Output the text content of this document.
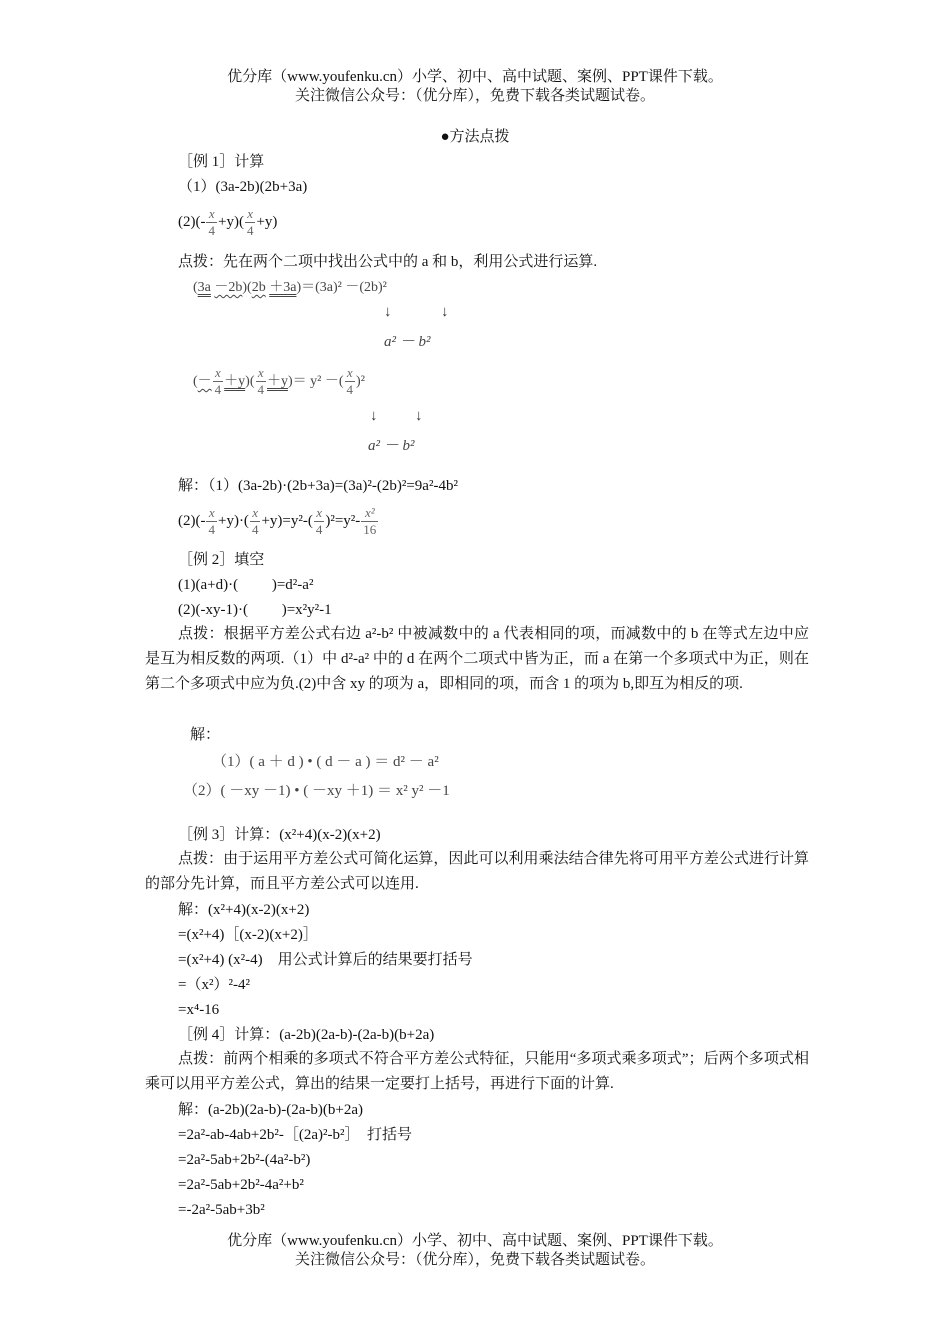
优分库（www.youfenku.cn）小学、初中、高中试题、案例、PPT课件下载。
关注微信公众号：（优分库），免费下载各类试题试卷。
●方法点拨
［例 1］计算
（1）(3a-2b)(2b+3a)
$(2)(- \frac{x}{4} +y)( \frac{x}{4} +y)$
点拨：先在两个二项中找出公式中的 a 和 b，利用公式进行运算.
(3a －2b)(2b ＋3a)＝(3a)² －(2b)²
↓	↓
a² － b²
(－ $\frac{x}{4} +y)( \frac{x}{4} +y)= y^2$ －( $\frac{x}{4} )^2$
↓	↓
a² － b²
解：（1）(3a-2b)·(2b+3a)=(3a)²-(2b)²=9a²-4b²
$(2)(- \frac{x}{4} +y)\cdot( \frac{x}{4} +y)=y^2-( \frac{x}{4} )^2=y^2- \frac{\text{x²}}{16}$
［例 2］填空
(1)(a+d)·(　　 )=d²-a²
(2)(-xy-1)·(　　 )=x²y²-1
点拨：根据平方差公式右边 a²-b² 中被减数中的 a 代表相同的项，而减数中的 b 在等式左边中应是互为相反数的两项.（1）中 d²-a² 中的 d 在两个二项式中皆为正，而 a 在第一个多项式中为正，则在第二个多项式中应为负.(2)中含 xy 的项为 a，即相同的项，而含 1 的项为 b,即互为相反的项.
解：
（1）( a ＋ d ) • ( d － a ) ＝ d² － a²
（2）( －xy －1) • ( －xy ＋1) ＝ x² y² －1
［例 3］计算：(x²+4)(x-2)(x+2)
点拨：由于运用平方差公式可简化运算，因此可以利用乘法结合律先将可用平方差公式进行计算的部分先计算，而且平方差公式可以连用.
解：(x²+4)(x-2)(x+2)
=(x²+4)［(x-2)(x+2)］
=(x²+4) (x²-4)　 用公式计算后的结果要打括号
=（x²）²-4²
=x⁴-16
［例 4］计算：(a-2b)(2a-b)-(2a-b)(b+2a)
点拨：前两个相乘的多项式不符合平方差公式特征，只能用“多项式乘多项式”；后两个多项式相乘可以用平方差公式，算出的结果一定要打上括号，再进行下面的计算.
解：(a-2b)(2a-b)-(2a-b)(b+2a)
=2a²-ab-4ab+2b²-［(2a)²-b²］　 打括号
=2a²-5ab+2b²-(4a²-b²)
=2a²-5ab+2b²-4a²+b²
=-2a²-5ab+3b²
优分库（www.youfenku.cn）小学、初中、高中试题、案例、PPT课件下载。
关注微信公众号：（优分库），免费下载各类试题试卷。
